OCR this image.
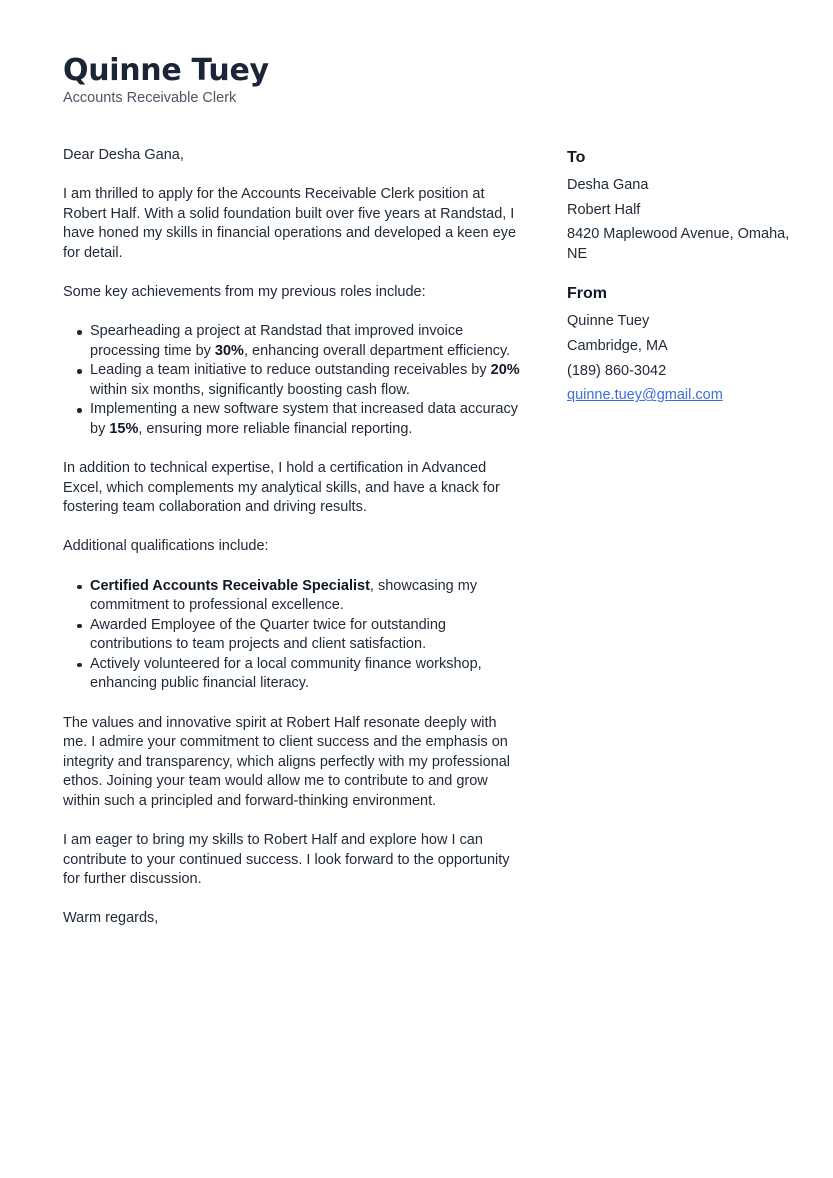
Quinne Tuey

Accounts Receivable Clerk

Dear Desha Gana,

I am thrilled to apply for the Accounts Receivable Clerk position at Robert Half. With a solid foundation built over five years at Randstad, I have honed my skills in financial operations and developed a keen eye for detail.

Some key achievements from my previous roles include:

Spearheading a project at Randstad that improved invoice processing time by 30%, enhancing overall department efficiency.
Leading a team initiative to reduce outstanding receivables by 20% within six months, significantly boosting cash flow.
Implementing a new software system that increased data accuracy by 15%, ensuring more reliable financial reporting.

In addition to technical expertise, I hold a certification in Advanced Excel, which complements my analytical skills, and have a knack for fostering team collaboration and driving results.

Additional qualifications include:

Certified Accounts Receivable Specialist, showcasing my commitment to professional excellence.
Awarded Employee of the Quarter twice for outstanding contributions to team projects and client satisfaction.
Actively volunteered for a local community finance workshop, enhancing public financial literacy.

The values and innovative spirit at Robert Half resonate deeply with me. I admire your commitment to client success and the emphasis on integrity and transparency, which aligns perfectly with my professional ethos. Joining your team would allow me to contribute to and grow within such a principled and forward-thinking environment.

I am eager to bring my skills to Robert Half and explore how I can contribute to your continued success. I look forward to the opportunity for further discussion.

Warm regards,

To
Desha Gana
Robert Half
8420 Maplewood Avenue, Omaha, NE
From
Quinne Tuey
Cambridge, MA
(189) 860-3042
quinne.tuey@gmail.com
